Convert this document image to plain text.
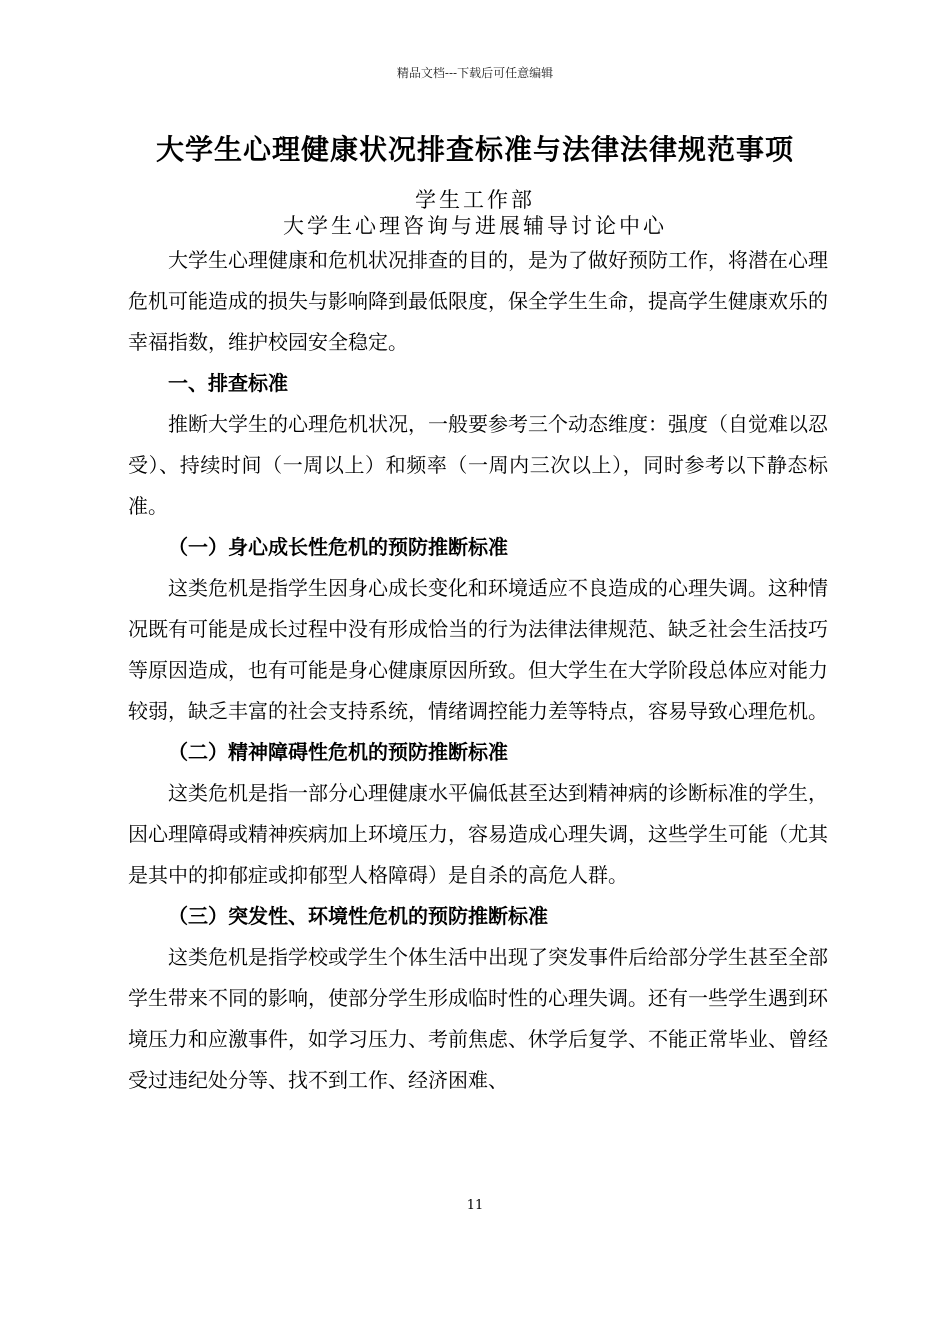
精品文档---下载后可任意编辑
大学生心理健康状况排查标准与法律法律规范事项
学生工作部
大学生心理咨询与进展辅导讨论中心

大学生心理健康和危机状况排查的目的，是为了做好预防工作，将潜在心理危机可能造成的损失与影响降到最低限度，保全学生生命，提高学生健康欢乐的幸福指数，维护校园安全稳定。

一、排查标准

推断大学生的心理危机状况，一般要参考三个动态维度：强度（自觉难以忍受）、持续时间（一周以上）和频率（一周内三次以上），同时参考以下静态标准。

（一）身心成长性危机的预防推断标准

这类危机是指学生因身心成长变化和环境适应不良造成的心理失调。这种情况既有可能是成长过程中没有形成恰当的行为法律法律规范、缺乏社会生活技巧等原因造成，也有可能是身心健康原因所致。但大学生在大学阶段总体应对能力较弱，缺乏丰富的社会支持系统，情绪调控能力差等特点，容易导致心理危机。

（二）精神障碍性危机的预防推断标准

这类危机是指一部分心理健康水平偏低甚至达到精神病的诊断标准的学生，因心理障碍或精神疾病加上环境压力，容易造成心理失调，这些学生可能（尤其是其中的抑郁症或抑郁型人格障碍）是自杀的高危人群。

（三）突发性、环境性危机的预防推断标准

这类危机是指学校或学生个体生活中出现了突发事件后给部分学生甚至全部学生带来不同的影响，使部分学生形成临时性的心理失调。还有一些学生遇到环境压力和应激事件，如学习压力、考前焦虑、休学后复学、不能正常毕业、曾经受过违纪处分等、找不到工作、经济困难、

11
